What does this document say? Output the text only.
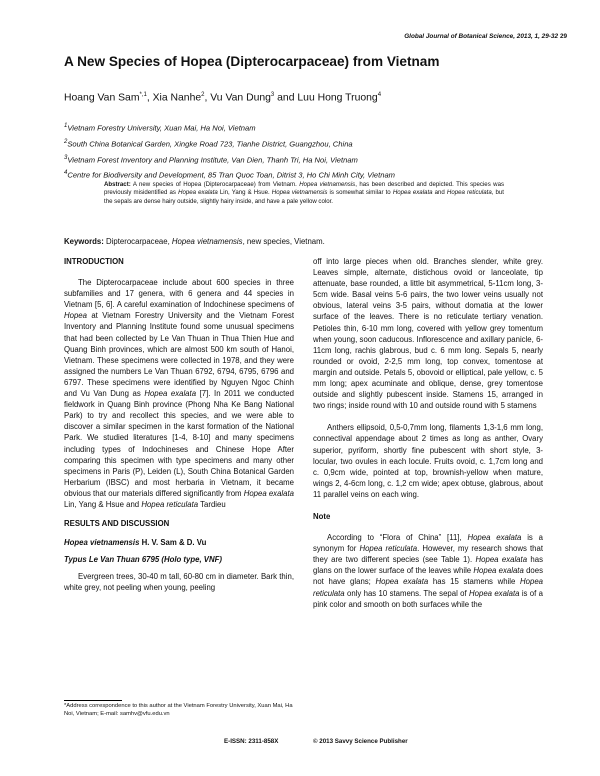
Global Journal of Botanical Science, 2013, 1, 29-32 29
A New Species of Hopea (Dipterocarpaceae) from Vietnam
Hoang Van Sam$^{*,1}$, Xia Nanhe$^2$, Vu Van Dung$^3$ and Luu Hong Truong$^4$
$^1$Vietnam Forestry University, Xuan Mai, Ha Noi, Vietnam
$^2$South China Botanical Garden, Xingke Road 723, Tianhe District, Guangzhou, China
$^3$Vietnam Forest Inventory and Planning Institute, Van Dien, Thanh Tri, Ha Noi, Vietnam
$^4$Centre for Biodiversity and Development, 85 Tran Quoc Toan, Ditrist 3, Ho Chi Minh City, Vietnam
Abstract: A new species of Hopea (Dipterocarpaceae) from Vietnam. Hopea vietnamensis, has been described and depicted. This species was previously misidentified as Hopea exalata Lin, Yang & Hsue. Hopea vietnamensis is somewhat similar to Hopea exalata and Hopea reticulata, but the sepals are dense hairy outside, slightly hairy inside, and have a pale yellow color.
Keywords: Dipterocarpaceae, Hopea vietnamensis, new species, Vietnam.

INTRODUCTION

The Dipterocarpaceae include about 600 species in three subfamilies and 17 genera, with 6 genera and 44 species in Vietnam [5, 6]. A careful examination of Indochinese specimens of Hopea at Vietnam Forestry University and the Vietnam Forest Inventory and Planning Institute found some unusual specimens that had been collected by Le Van Thuan in Thua Thien Hue and Quang Binh provinces, which are almost 500 km south of Hanoi, Vietnam. These specimens were collected in 1978, and they were assigned the numbers Le Van Thuan 6792, 6794, 6795, 6796 and 6797. These specimens were identified by Nguyen Ngoc Chinh and Vu Van Dung as Hopea exalata [7]. In 2011 we conducted fieldwork in Quang Binh province (Phong Nha Ke Bang National Park) to try and recollect this species, and we were able to discover a similar specimen in the karst formation of the National Park. We studied literatures [1-4, 8-10] and many specimens including types of Indochineses and Chinese Hope After comparing this specimen with type specimens and many other specimens in Paris (P), Leiden (L), South China Botanical Garden Herbarium (IBSC) and most herbaria in Vietnam, it became obvious that our materials differed significantly from Hopea exalata Lin, Yang & Hsue and Hopea reticulata Tardieu

RESULTS AND DISCUSSION

Hopea vietnamensis H. V. Sam & D. Vu

Typus Le Van Thuan 6795 (Holo type, VNF)

Evergreen trees, 30-40 m tall, 60-80 cm in diameter. Bark thin, white grey, not peeling when young, peeling

off into large pieces when old. Branches slender, white grey. Leaves simple, alternate, distichous ovoid or lanceolate, tip attenuate, base rounded, a little bit asymmetrical, 5-11cm long, 3-5cm wide. Basal veins 5-6 pairs, the two lower veins usually not obvious, lateral veins 3-5 pairs, without domatia at the lower surface of the leaves. There is no reticulate tertiary venation. Petioles thin, 6-10 mm long, covered with yellow grey tomentum when young, soon caducous. Inflorescence and axillary panicle, 6-11cm long, rachis glabrous, bud c. 6 mm long. Sepals 5, nearly rounded or ovoid, 2-2,5 mm long, top convex, tomentose at margin and outside. Petals 5, obovoid or elliptical, pale yellow, c. 5 mm long; apex acuminate and oblique, dense, grey tomentose outside and slightly pubescent inside. Stamens 15, arranged in two rings; inside round with 10 and outside round with 5 stamens

Anthers ellipsoid, 0,5-0,7mm long, filaments 1,3-1,6 mm long, connectival appendage about 2 times as long as anther, Ovary superior, pyriform, shortly fine pubescent with short style, 3-locular, two ovules in each locule. Fruits ovoid, c. 1,7cm long and c. 0,9cm wide, pointed at top, brownish-yellow when mature, wings 2, 4-6cm long, c. 1,2 cm wide; apex obtuse, glabrous, about 11 parallel veins on each wing.

Note

According to “Flora of China” [11], Hopea exalata is a synonym for Hopea reticulata. However, my research shows that they are two different species (see Table 1). Hopea exalata has glans on the lower surface of the leaves while Hopea exalata does not have glans; Hopea exalata has 15 stamens while Hopea reticulata only has 10 stamens. The sepal of Hopea exalata is of a pink color and smooth on both surfaces while the

*Address correspondence to this author at the Vietnam Forestry University, Xuan Mai, Ha Noi, Vietnam; E-mail: samhv@vfu.edu.vn
E-ISSN: 2311-858X	© 2013 Savvy Science Publisher
